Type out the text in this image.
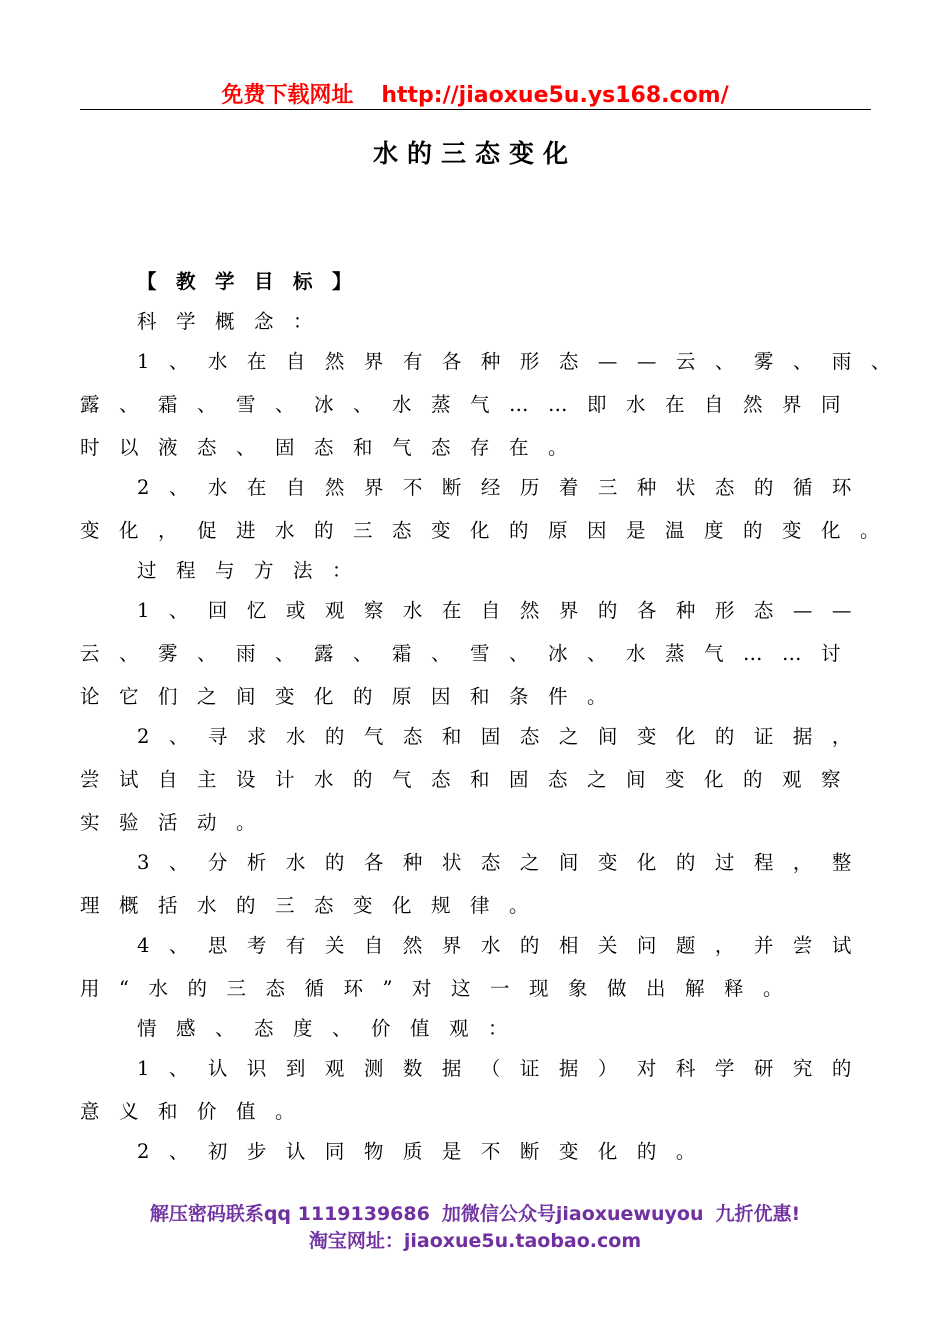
免费下载网址 http://jiaoxue5u.ys168.com/
水的三态变化
【教学目标】
科学概念：
1、水在自然界有各种形态——云、雾、雨、
露、霜、雪、冰、水蒸气……即水在自然界同
时以液态、固态和气态存在。
2、水在自然界不断经历着三种状态的循环
变化，促进水的三态变化的原因是温度的变化。
过程与方法：
1、回忆或观察水在自然界的各种形态——
云、雾、雨、露、霜、雪、冰、水蒸气……讨
论它们之间变化的原因和条件。
2、寻求水的气态和固态之间变化的证据，
尝试自主设计水的气态和固态之间变化的观察
实验活动。
3、分析水的各种状态之间变化的过程，整
理概括水的三态变化规律。
4、思考有关自然界水的相关问题，并尝试
用“水的三态循环”对这一现象做出解释。
情感、态度、价值观：
1、认识到观测数据（证据）对科学研究的
意义和价值。
2、初步认同物质是不断变化的。
解压密码联系qq 1119139686 加微信公众号jiaoxuewuyou 九折优惠!
淘宝网址：jiaoxue5u.taobao.com
